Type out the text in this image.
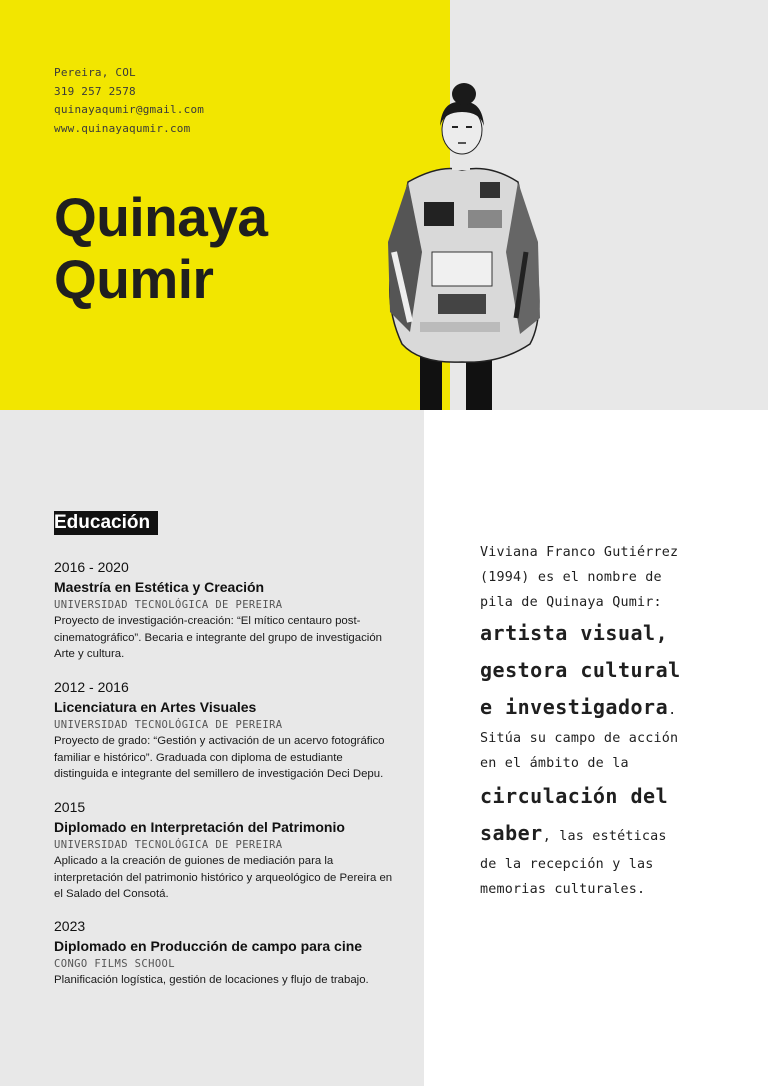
Pereira, COL
319 257 2578
quinayaqumir@gmail.com
www.quinayaqumir.com
Quinaya
Qumir
Educación
2016 - 2020
Maestría en Estética y Creación
UNIVERSIDAD TECNOLÓGICA DE PEREIRA
Proyecto de investigación-creación: “El mítico centauro post-
cinematográfico”. Becaria e integrante del grupo de investigación
Arte y cultura.
2012 - 2016
Licenciatura en Artes Visuales
UNIVERSIDAD TECNOLÓGICA DE PEREIRA
Proyecto de grado: “Gestión y activación de un acervo fotográfico
familiar e histórico”. Graduada con diploma de estudiante
distinguida e integrante del semillero de investigación Deci Depu.
2015
Diplomado en Interpretación del Patrimonio
UNIVERSIDAD TECNOLÓGICA DE PEREIRA
Aplicado a la creación de guiones de mediación para la
interpretación del patrimonio histórico y arqueológico de Pereira en
el Salado del Consotá.
2023
Diplomado en Producción de campo para cine
CONGO FILMS SCHOOL
Planificación logística, gestión de locaciones y flujo de trabajo.
Viviana Franco Gutiérrez
(1994) es el nombre de
pila de Quinaya Qumir:
artista visual,
gestora cultural
e investigadora.
Sitúa su campo de acción
en el ámbito de la
circulación del
saber, las estéticas
de la recepción y las
memorias culturales.
